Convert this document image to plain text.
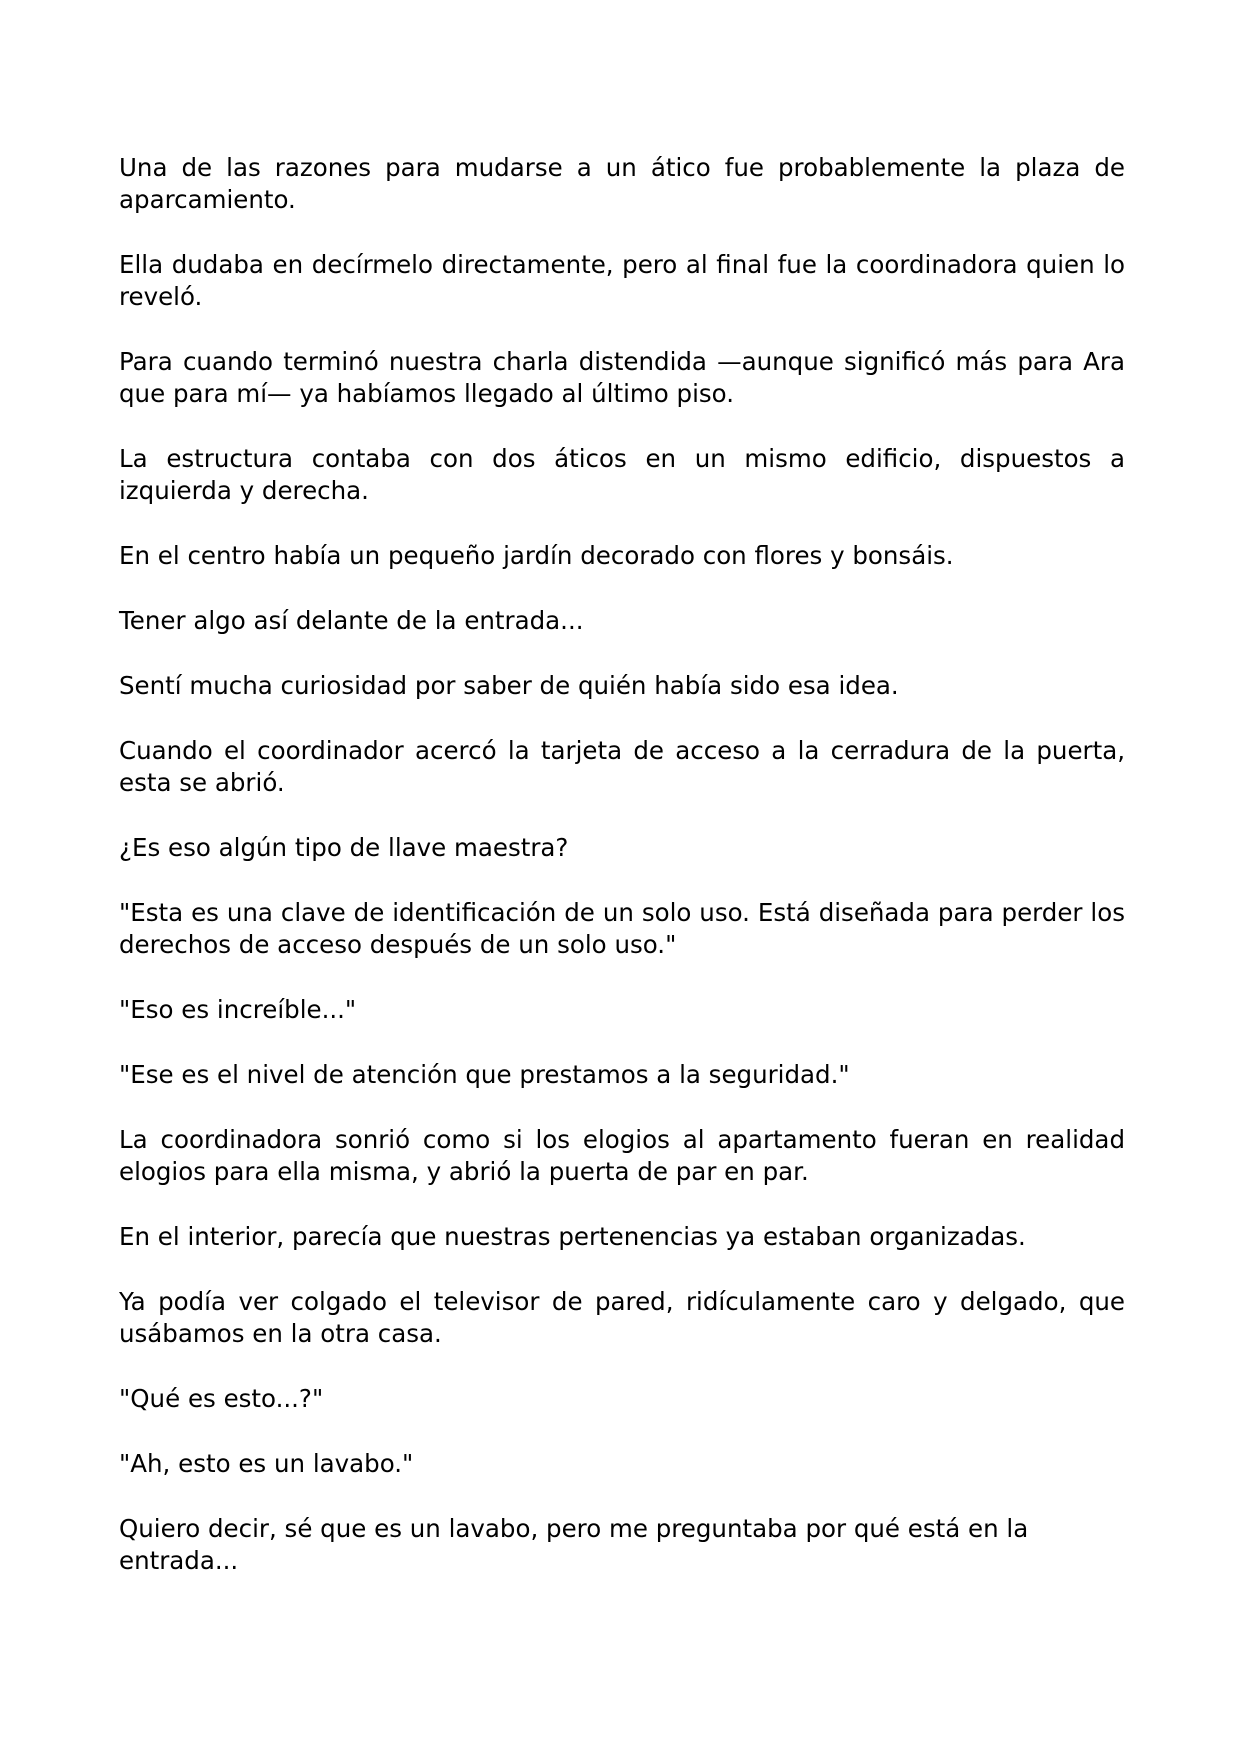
Una de las razones para mudarse a un ático fue probablemente la plaza de aparcamiento.

Ella dudaba en decírmelo directamente, pero al final fue la coordinadora quien lo reveló.

Para cuando terminó nuestra charla distendida —aunque significó más para Ara que para mí— ya habíamos llegado al último piso.

La estructura contaba con dos áticos en un mismo edificio, dispuestos a izquierda y derecha.

En el centro había un pequeño jardín decorado con flores y bonsáis.

Tener algo así delante de la entrada...

Sentí mucha curiosidad por saber de quién había sido esa idea.

Cuando el coordinador acercó la tarjeta de acceso a la cerradura de la puerta, esta se abrió.

¿Es eso algún tipo de llave maestra?

"Esta es una clave de identificación de un solo uso. Está diseñada para perder los derechos de acceso después de un solo uso."

"Eso es increíble..."

"Ese es el nivel de atención que prestamos a la seguridad."

La coordinadora sonrió como si los elogios al apartamento fueran en realidad elogios para ella misma, y abrió la puerta de par en par.

En el interior, parecía que nuestras pertenencias ya estaban organizadas.

Ya podía ver colgado el televisor de pared, ridículamente caro y delgado, que usábamos en la otra casa.

"Qué es esto...?"

"Ah, esto es un lavabo."

Quiero decir, sé que es un lavabo, pero me preguntaba por qué está en la entrada...
